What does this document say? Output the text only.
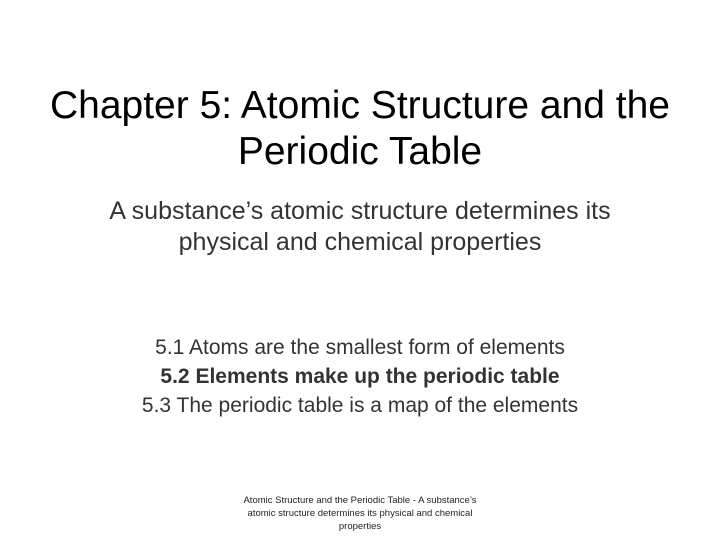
Chapter 5: Atomic Structure and the Periodic Table
A substance’s atomic structure determines its physical and chemical properties
5.1 Atoms are the smallest form of elements
5.2 Elements make up the periodic table
5.3 The periodic table is a map of the elements
Atomic Structure and the Periodic Table - A substance’s atomic structure determines its physical and chemical properties
